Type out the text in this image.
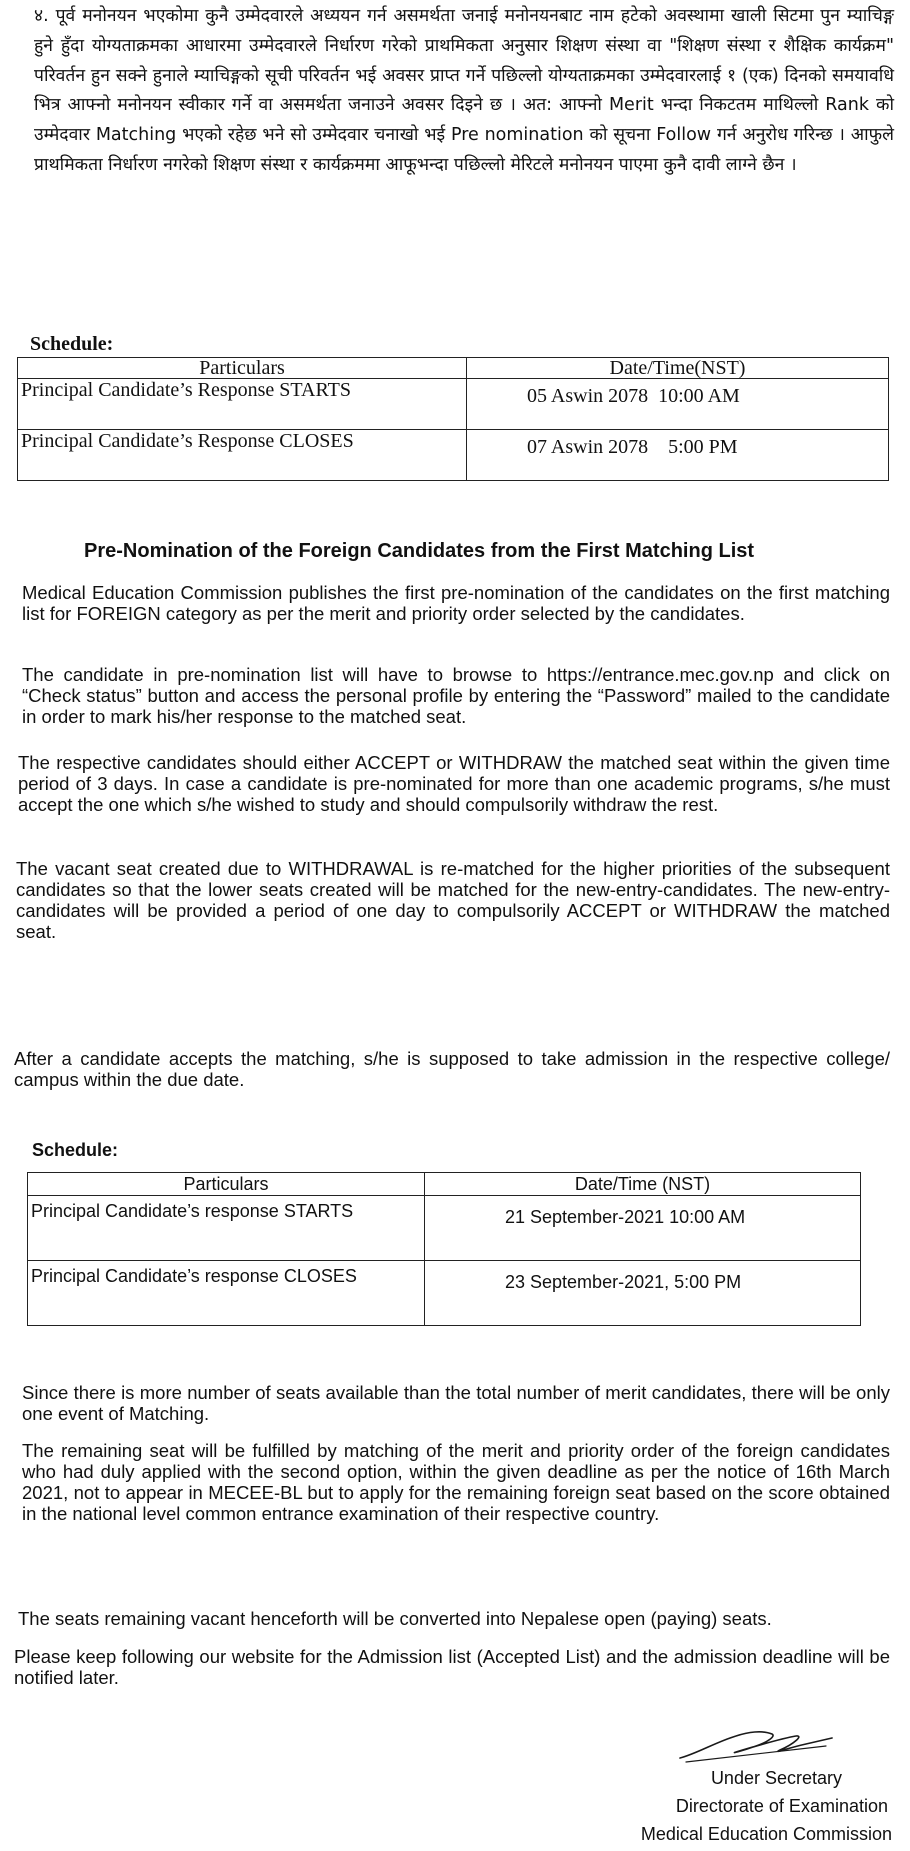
४. पूर्व मनोनयन भएकोमा कुनै उम्मेदवारले अध्ययन गर्न असमर्थता जनाई मनोनयनबाट नाम हटेको अवस्थामा खाली सिटमा पुन म्याचिङ्ग हुने हुँदा योग्यताक्रमका आधारमा उम्मेदवारले निर्धारण गरेको प्राथमिकता अनुसार शिक्षण संस्था वा "शिक्षण संस्था र शैक्षिक कार्यक्रम" परिवर्तन हुन सक्ने हुनाले म्याचिङ्गको सूची परिवर्तन भई अवसर प्राप्त गर्ने पछिल्लो योग्यताक्रमका उम्मेदवारलाई १ (एक) दिनको समयावधि भित्र आफ्नो मनोनयन स्वीकार गर्ने वा असमर्थता जनाउने अवसर दिइने छ । अत: आफ्नो Merit भन्दा निकटतम माथिल्लो Rank को उम्मेदवार Matching भएको रहेछ भने सो उम्मेदवार चनाखो भई Pre nomination को सूचना Follow गर्न अनुरोध गरिन्छ । आफुले प्राथमिकता निर्धारण नगरेको शिक्षण संस्था र कार्यक्रममा आफूभन्दा पछिल्लो मेरिटले मनोनयन पाएमा कुनै दावी लाग्ने छैन ।

Schedule:
Particulars	Date/Time(NST)
Principal Candidate’s Response STARTS	05 Aswin 2078  10:00 AM
Principal Candidate’s Response CLOSES	07 Aswin 2078    5:00 PM
Pre-Nomination of the Foreign Candidates from the First Matching List

Medical Education Commission publishes the first pre-nomination of the candidates on the first matching list for FOREIGN category as per the merit and priority order selected by the candidates.

The candidate in pre-nomination list will have to browse to https://entrance.mec.gov.np and click on “Check status” button and access the personal profile by entering the “Password” mailed to the candidate in order to mark his/her response to the matched seat.

The respective candidates should either ACCEPT or WITHDRAW the matched seat within the given time period of 3 days. In case a candidate is pre-nominated for more than one academic programs, s/he must accept the one which s/he wished to study and should compulsorily withdraw the rest.

The vacant seat created due to WITHDRAWAL is re-matched for the higher priorities of the subsequent candidates so that the lower seats created will be matched for the new-entry-candidates. The new-entry-candidates will be provided a period of one day to compulsorily ACCEPT or WITHDRAW the matched seat.

After a candidate accepts the matching, s/he is supposed to take admission in the respective college/ campus within the due date.

Schedule:
Particulars	Date/Time (NST)
Principal Candidate’s response STARTS	21 September-2021 10:00 AM
Principal Candidate’s response CLOSES	23 September-2021, 5:00 PM

Since there is more number of seats available than the total number of merit candidates, there will be only one event of Matching.

The remaining seat will be fulfilled by matching of the merit and priority order of the foreign candidates who had duly applied with the second option, within the given deadline as per the notice of 16th March 2021, not to appear in MECEE-BL but to apply for the remaining foreign seat based on the score obtained in the national level common entrance examination of their respective country.

The seats remaining vacant henceforth will be converted into Nepalese open (paying) seats.

Please keep following our website for the Admission list (Accepted List) and the admission deadline will be notified later.

Under Secretary
Directorate of Examination
Medical Education Commission
